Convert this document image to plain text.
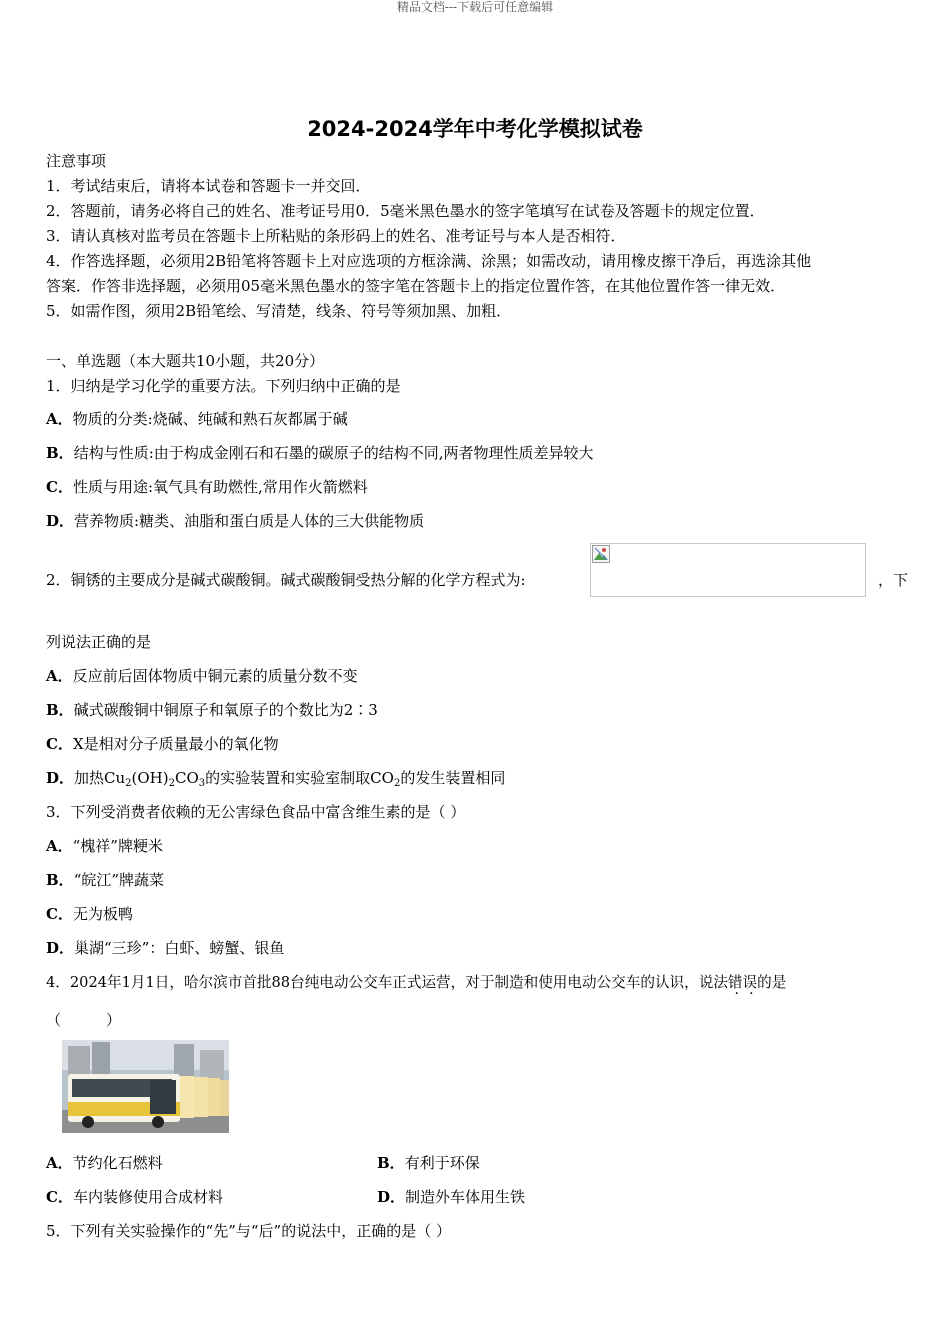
精品文档---下载后可任意编辑
2024-2024学年中考化学模拟试卷
注意事项
1．考试结束后，请将本试卷和答题卡一并交回．
2．答题前，请务必将自己的姓名、准考证号用0．5毫米黑色墨水的签字笔填写在试卷及答题卡的规定位置．
3．请认真核对监考员在答题卡上所粘贴的条形码上的姓名、准考证号与本人是否相符．
4．作答选择题，必须用2B铅笔将答题卡上对应选项的方框涂满、涂黑；如需改动，请用橡皮擦干净后，再选涂其他
答案．作答非选择题，必须用05毫米黑色墨水的签字笔在答题卡上的指定位置作答，在其他位置作答一律无效．
5．如需作图，须用2B铅笔绘、写清楚，线条、符号等须加黑、加粗．
一、单选题（本大题共10小题，共20分）
1．归纳是学习化学的重要方法。下列归纳中正确的是
A．物质的分类:烧碱、纯碱和熟石灰都属于碱
B．结构与性质:由于构成金刚石和石墨的碳原子的结构不同,两者物理性质差异较大
C．性质与用途:氧气具有助燃性,常用作火箭燃料
D．营养物质:糖类、油脂和蛋白质是人体的三大供能物质
2．铜锈的主要成分是碱式碳酸铜。碱式碳酸铜受热分解的化学方程式为:	，下
列说法正确的是
A．反应前后固体物质中铜元素的质量分数不变
B．碱式碳酸铜中铜原子和氧原子的个数比为2∶3
C．X是相对分子质量最小的氧化物
D．加热$Cu_2(OH)_2CO_3$的实验装置和实验室制取$CO_2$的发生装置相同
3．下列受消费者依赖的无公害绿色食品中富含维生素的是（ ）
A．“槐祥”牌粳米
B．“皖江”牌蔬菜
C．无为板鸭
D．巢湖“三珍”：白虾、螃蟹、银鱼
4．2024年1月1日，哈尔滨市首批88台纯电动公交车正式运营，对于制造和使用电动公交车的认识，说法错误的是
（　　　）
A．节约化石燃料	B．有利于环保
C．车内装修使用合成材料	D．制造外车体用生铁
5．下列有关实验操作的“先”与“后”的说法中，正确的是（ ）
